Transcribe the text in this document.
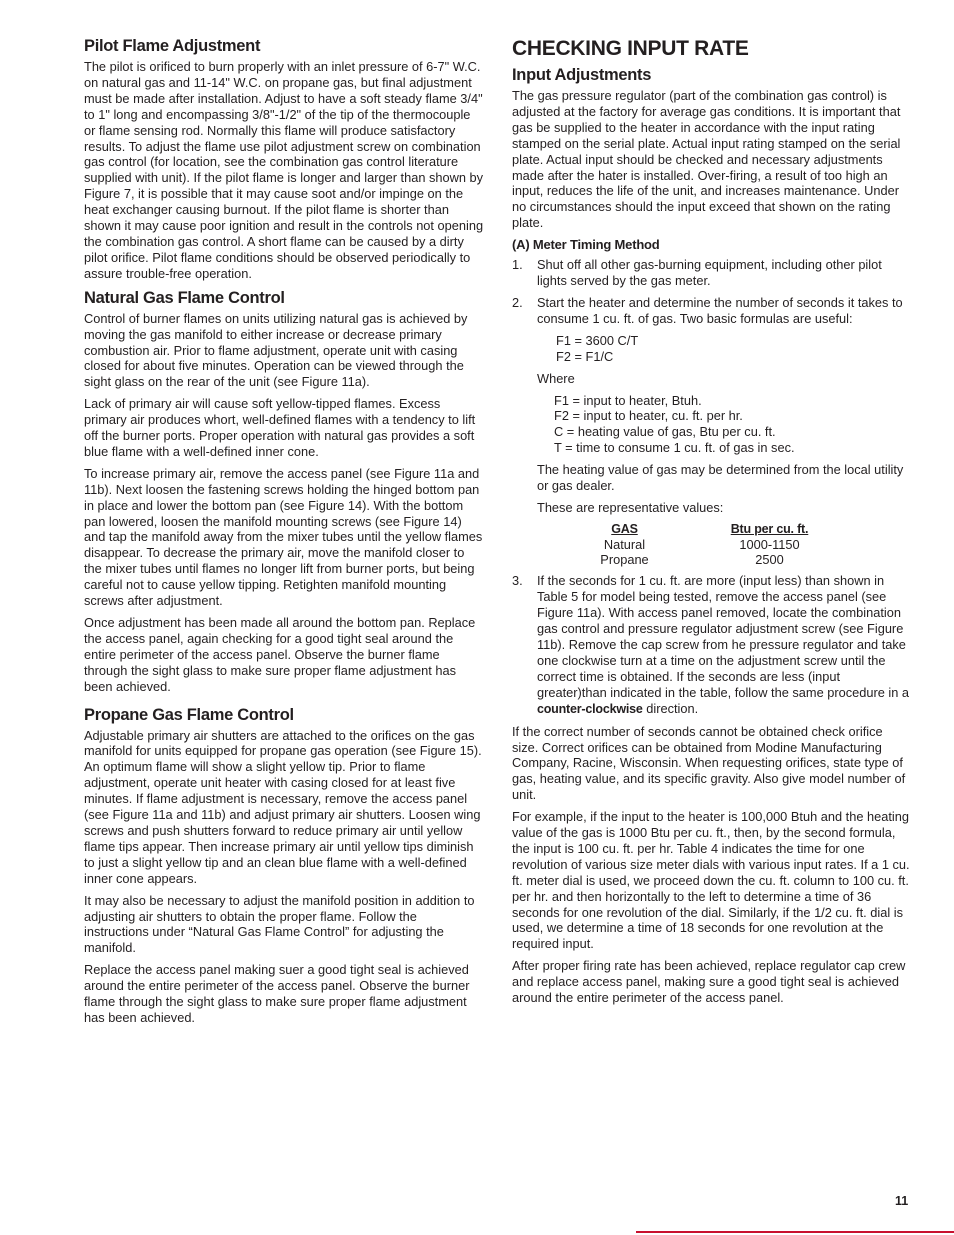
Pilot Flame Adjustment

The pilot is orificed to burn properly with an inlet pressure of 6-7" W.C. on natural gas and 11-14" W.C. on propane gas, but final adjustment must be made after installation. Adjust to have a soft steady flame 3/4" to 1" long and encompassing 3/8"-1/2" of the tip of the thermocouple or flame sensing rod. Normally this flame will produce satisfactory results. To adjust the flame use pilot adjustment screw on combination gas control (for location, see the combination gas control literature supplied with unit). If the pilot flame is longer and larger than shown by Figure 7, it is possible that it may cause soot and/or impinge on the heat exchanger causing burnout. If the pilot flame is shorter than shown it may cause poor ignition and result in the controls not opening the combination gas control. A short flame can be caused by a dirty pilot orifice. Pilot flame conditions should be observed periodically to assure trouble-free operation.

Natural Gas Flame Control

Control of burner flames on units utilizing natural gas is achieved by moving the gas manifold to either increase or decrease primary combustion air. Prior to flame adjustment, operate unit with casing closed for about five minutes. Operation can be viewed through the sight glass on the rear of the unit (see Figure 11a).

Lack of primary air will cause soft yellow-tipped flames. Excess primary air produces whort, well-defined flames with a tendency to lift off the burner ports. Proper operation with natural gas provides a soft blue flame with a well-defined inner cone.

To increase primary air, remove the access panel (see Figure 11a and 11b). Next loosen the fastening screws holding the hinged bottom pan in place and lower the bottom pan (see Figure 14). With the bottom pan lowered, loosen the manifold mounting screws (see Figure 14) and tap the manifold away from the mixer tubes until the yellow flames disappear. To decrease the primary air, move the manifold closer to the mixer tubes until flames no longer lift from burner ports, but being careful not to cause yellow tipping. Retighten manifold mounting screws after adjustment.

Once adjustment has been made all around the bottom pan. Replace the access panel, again checking for a good tight seal around the entire perimeter of the access panel. Observe the burner flame through the sight glass to make sure proper flame adjustment has been achieved.

Propane Gas Flame Control

Adjustable primary air shutters are attached to the orifices on the gas manifold for units equipped for propane gas operation (see Figure 15). An optimum flame will show a slight yellow tip. Prior to flame adjustment, operate unit heater with casing closed for at least five minutes. If flame adjustment is necessary, remove the access panel (see Figure 11a and 11b) and adjust primary air shutters. Loosen wing screws and push shutters forward to reduce primary air until yellow flame tips appear. Then increase primary air until yellow tips diminish to just a slight yellow tip and an clean blue flame with a well-defined inner cone appears.

It may also be necessary to adjust the manifold position in addition to adjusting air shutters to obtain the proper flame. Follow the instructions under “Natural Gas Flame Control” for adjusting the manifold.

Replace the access panel making suer a good tight seal is achieved around the entire perimeter of the access panel. Observe the burner flame through the sight glass to make sure proper flame adjustment has been achieved.

CHECKING INPUT RATE
Input Adjustments

The gas pressure regulator (part of the combination gas control) is adjusted at the factory for average gas conditions. It is important that gas be supplied to the heater in accordance with the input rating stamped on the serial plate. Actual input rating stamped on the serial plate. Actual input should be checked and necessary adjustments made after the hater is installed. Over-firing, a result of too high an input, reduces the life of the unit, and increases maintenance. Under no circumstances should the input exceed that shown on the rating plate.

(A) Meter Timing Method
1. Shut off all other gas-burning equipment, including other pilot lights served by the gas meter.
2. Start the heater and determine the number of seconds it takes to consume 1 cu. ft. of gas. Two basic formulas are useful:

F1 = 3600 C/T
F2 = F1/C

Where

F1 = input to heater, Btuh.
F2 = input to heater, cu. ft. per hr.
C = heating value of gas, Btu per cu. ft.
T = time to consume 1 cu. ft. of gas in sec.

The heating value of gas may be determined from the local utility or gas dealer.

These are representative values:

GAS		Btu per cu. ft.
Natural		1000-1150
Propane		2500
3. If the seconds for 1 cu. ft. are more (input less) than shown in Table 5 for model being tested, remove the access panel (see Figure 11a). With access panel removed, locate the combination gas control and pressure regulator adjustment screw (see Figure 11b). Remove the cap screw from he pressure regulator and take one clockwise turn at a time on the adjustment screw until the correct time is obtained. If the seconds are less (input greater)than indicated in the table, follow the same procedure in a counter-clockwise direction.

If the correct number of seconds cannot be obtained check orifice size. Correct orifices can be obtained from Modine Manufacturing Company, Racine, Wisconsin. When requesting orifices, state type of gas, heating value, and its specific gravity. Also give model number of unit.

For example, if the input to the heater is 100,000 Btuh and the heating value of the gas is 1000 Btu per cu. ft., then, by the second formula, the input is 100 cu. ft. per hr. Table 4 indicates the time for one revolution of various size meter dials with various input rates. If a 1 cu. ft. meter dial is used, we proceed down the cu. ft. column to 100 cu. ft. per hr. and then horizontally to the left to determine a time of 36 seconds for one revolution of the dial. Similarly, if the 1/2 cu. ft. dial is used, we determine a time of 18 seconds for one revolution at the required input.

After proper firing rate has been achieved, replace regulator cap crew and replace access panel, making sure a good tight seal is achieved around the entire perimeter of the access panel.

11
